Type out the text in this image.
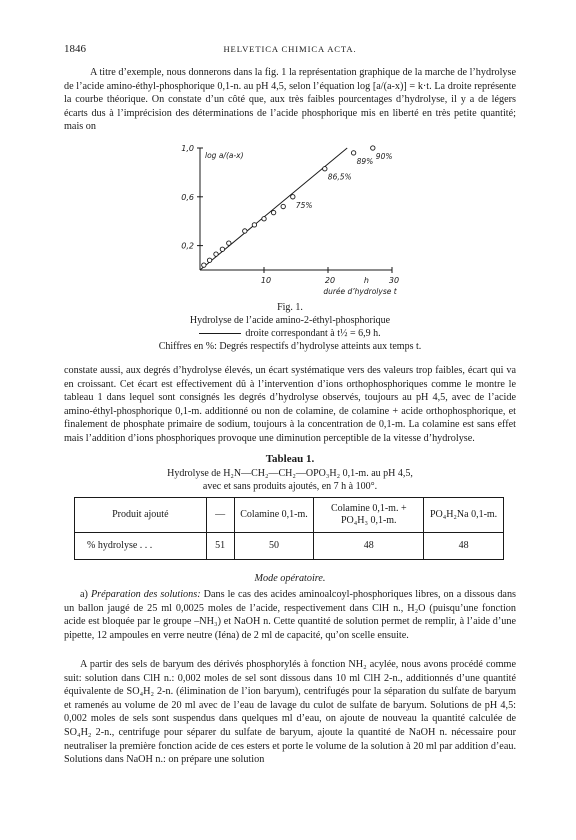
1846	HELVETICA CHIMICA ACTA.

A titre d’exemple, nous donnerons dans la fig. 1 la représentation graphique de la marche de l’hydrolyse de l’acide amino-éthyl-phosphorique 0,1-n. au pH 4,5, selon l’équation log [a/(a-x)] = k·t. La droite représente la courbe théorique. On constate d’un côté que, aux très faibles pourcentages d’hydrolyse, il y a de légers écarts dus à l’imprécision des déterminations de l’acide phosphorique mis en liberté en très petite quantité; mais on

0,2
0,6
1,0
10	20	30
log a/(a-x)
h
durée d’hydrolyse t
75%
86,5%
89%
90%
Fig. 1.
Hydrolyse de l’acide amino-2-éthyl-phosphorique
droite correspondant à t½ = 6,9 h.
Chiffres en %: Degrés respectifs d’hydrolyse atteints aux temps t.

constate aussi, aux degrés d’hydrolyse élevés, un écart systématique vers des valeurs trop faibles, écart qui va en croissant. Cet écart est effectivement dû à l’intervention d’ions orthophosphoriques comme le montre le tableau 1 dans lequel sont consignés les degrés d’hydrolyse observés, toujours au pH 4,5, avec de l’acide amino-éthyl-phosphorique 0,1-m. additionné ou non de colamine, de colamine + acide orthophosphorique, et finalement de phosphate primaire de sodium, toujours à la concentration de 0,1-m. La colamine est sans effet mais l’addition d’ions phosphoriques provoque une diminution perceptible de la vitesse d’hydrolyse.

Tableau 1.
Hydrolyse de H₂N—CH₂—CH₂—OPO₃H₂ 0,1-m. au pH 4,5,
avec et sans produits ajoutés, en 7 h à 100°.
Produit ajouté	—	Colamine 0,1-m.	Colamine 0,1-m. + PO₄H₃ 0,1-m.	PO₄H₂Na 0,1-m.
% hydrolyse . . .	51	50	48	48
Mode opératoire.

a) Préparation des solutions: Dans le cas des acides aminoalcoyl-phosphoriques libres, on a dissous dans un ballon jaugé de 25 ml 0,0025 moles de l’acide, respectivement dans ClH n., H₂O (puisqu’une fonction acide est bloquée par le groupe –NH₃) et NaOH n. Cette quantité de solution permet de remplir, à l’aide d’une pipette, 12 ampoules en verre neutre (Iéna) de 2 ml de capacité, qu’on scelle ensuite.

A partir des sels de baryum des dérivés phosphorylés à fonction NH₂ acylée, nous avons procédé comme suit: solution dans ClH n.: 0,002 moles de sel sont dissous dans 10 ml ClH 2-n., additionnés d’une quantité équivalente de SO₄H₂ 2-n. (élimination de l’ion baryum), centrifugés pour la séparation du sulfate de baryum et ramenés au volume de 20 ml avec de l’eau de lavage du culot de sulfate de baryum. Solutions de pH 4,5: 0,002 moles de sels sont suspendus dans quelques ml d’eau, on ajoute de nouveau la quantité calculée de SO₄H₂ 2-n., centrifuge pour séparer du sulfate de baryum, ajoute la quantité de NaOH n. nécessaire pour neutraliser la première fonction acide de ces esters et porte le volume de la solution à 20 ml par addition d’eau. Solutions dans NaOH n.: on prépare une solution
